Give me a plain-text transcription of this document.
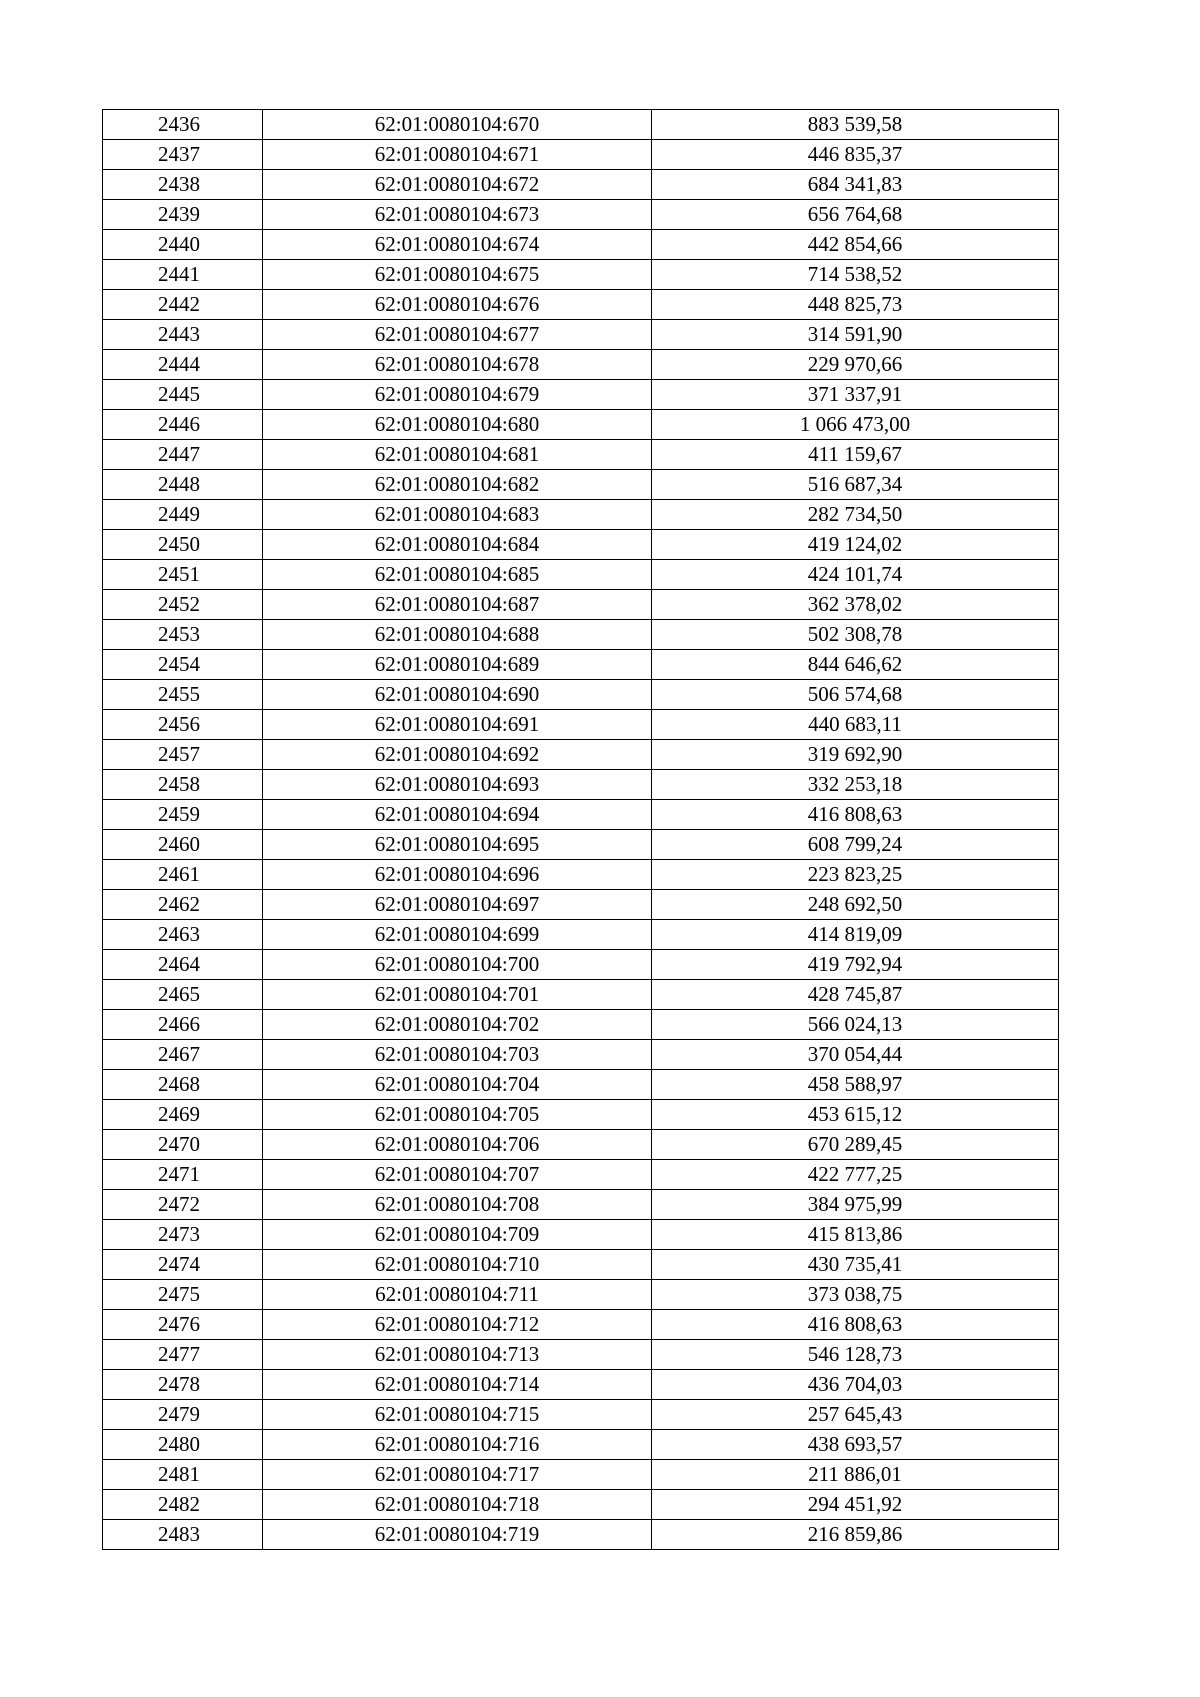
2436	62:01:0080104:670	883 539,58
2437	62:01:0080104:671	446 835,37
2438	62:01:0080104:672	684 341,83
2439	62:01:0080104:673	656 764,68
2440	62:01:0080104:674	442 854,66
2441	62:01:0080104:675	714 538,52
2442	62:01:0080104:676	448 825,73
2443	62:01:0080104:677	314 591,90
2444	62:01:0080104:678	229 970,66
2445	62:01:0080104:679	371 337,91
2446	62:01:0080104:680	1 066 473,00
2447	62:01:0080104:681	411 159,67
2448	62:01:0080104:682	516 687,34
2449	62:01:0080104:683	282 734,50
2450	62:01:0080104:684	419 124,02
2451	62:01:0080104:685	424 101,74
2452	62:01:0080104:687	362 378,02
2453	62:01:0080104:688	502 308,78
2454	62:01:0080104:689	844 646,62
2455	62:01:0080104:690	506 574,68
2456	62:01:0080104:691	440 683,11
2457	62:01:0080104:692	319 692,90
2458	62:01:0080104:693	332 253,18
2459	62:01:0080104:694	416 808,63
2460	62:01:0080104:695	608 799,24
2461	62:01:0080104:696	223 823,25
2462	62:01:0080104:697	248 692,50
2463	62:01:0080104:699	414 819,09
2464	62:01:0080104:700	419 792,94
2465	62:01:0080104:701	428 745,87
2466	62:01:0080104:702	566 024,13
2467	62:01:0080104:703	370 054,44
2468	62:01:0080104:704	458 588,97
2469	62:01:0080104:705	453 615,12
2470	62:01:0080104:706	670 289,45
2471	62:01:0080104:707	422 777,25
2472	62:01:0080104:708	384 975,99
2473	62:01:0080104:709	415 813,86
2474	62:01:0080104:710	430 735,41
2475	62:01:0080104:711	373 038,75
2476	62:01:0080104:712	416 808,63
2477	62:01:0080104:713	546 128,73
2478	62:01:0080104:714	436 704,03
2479	62:01:0080104:715	257 645,43
2480	62:01:0080104:716	438 693,57
2481	62:01:0080104:717	211 886,01
2482	62:01:0080104:718	294 451,92
2483	62:01:0080104:719	216 859,86
